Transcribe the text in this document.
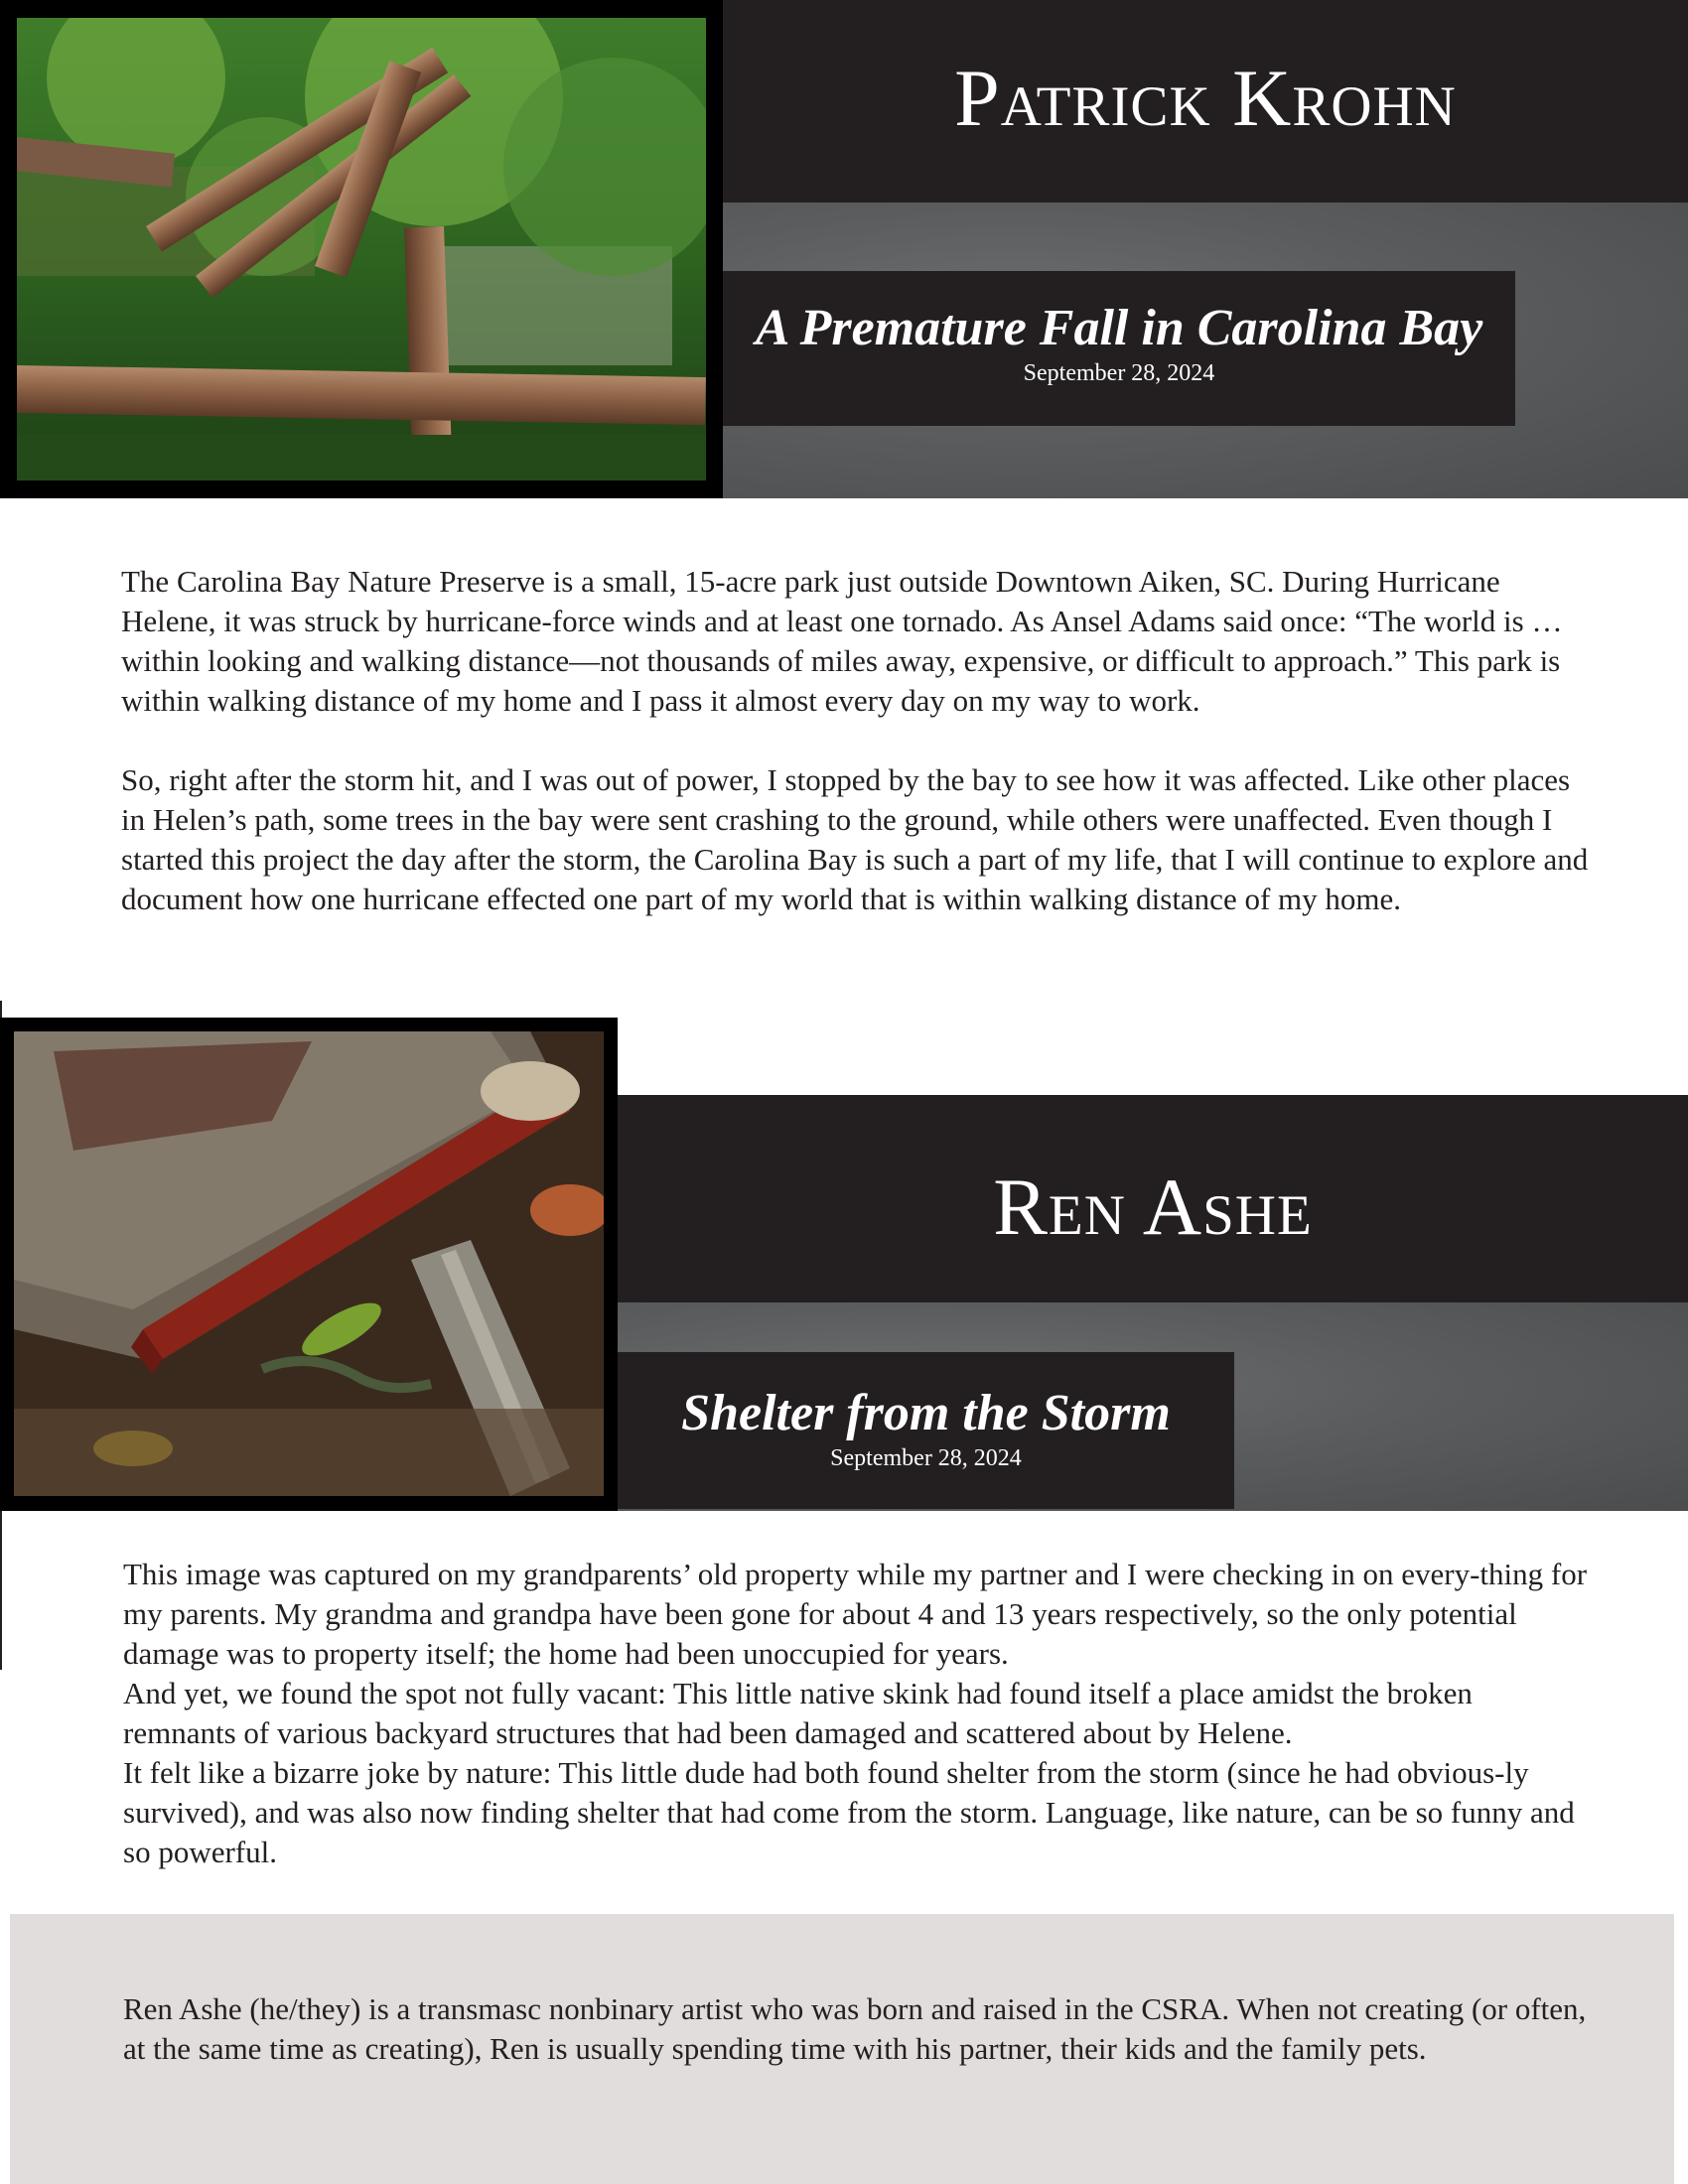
Patrick Krohn
A Premature Fall in Carolina Bay
September 28, 2024

The Carolina Bay Nature Preserve is a small, 15-acre park just outside Downtown Aiken, SC. During Hurricane Helene, it was struck by hurricane-force winds and at least one tornado. As Ansel Adams said once: “The world is … within looking and walking distance—not thousands of miles away, expensive, or difficult to approach.” This park is within walking distance of my home and I pass it almost every day on my way to work.

So, right after the storm hit, and I was out of power, I stopped by the bay to see how it was affected. Like other places in Helen’s path, some trees in the bay were sent crashing to the ground, while others were unaffected. Even though I started this project the day after the storm, the Carolina Bay is such a part of my life, that I will continue to explore and document how one hurricane effected one part of my world that is within walking distance of my home.

Ren Ashe
Shelter from the Storm
September 28, 2024

This image was captured on my grandparents’ old property while my partner and I were checking in on every-thing for my parents. My grandma and grandpa have been gone for about 4 and 13 years respectively, so the only potential damage was to property itself; the home had been unoccupied for years.

And yet, we found the spot not fully vacant: This little native skink had found itself a place amidst the broken remnants of various backyard structures that had been damaged and scattered about by Helene.

It felt like a bizarre joke by nature: This little dude had both found shelter from the storm (since he had obvious-ly survived), and was also now finding shelter that had come from the storm. Language, like nature, can be so funny and so powerful.

Ren Ashe (he/they) is a transmasc nonbinary artist who was born and raised in the CSRA. When not creating (or often, at the same time as creating), Ren is usually spending time with his partner, their kids and the family pets.
